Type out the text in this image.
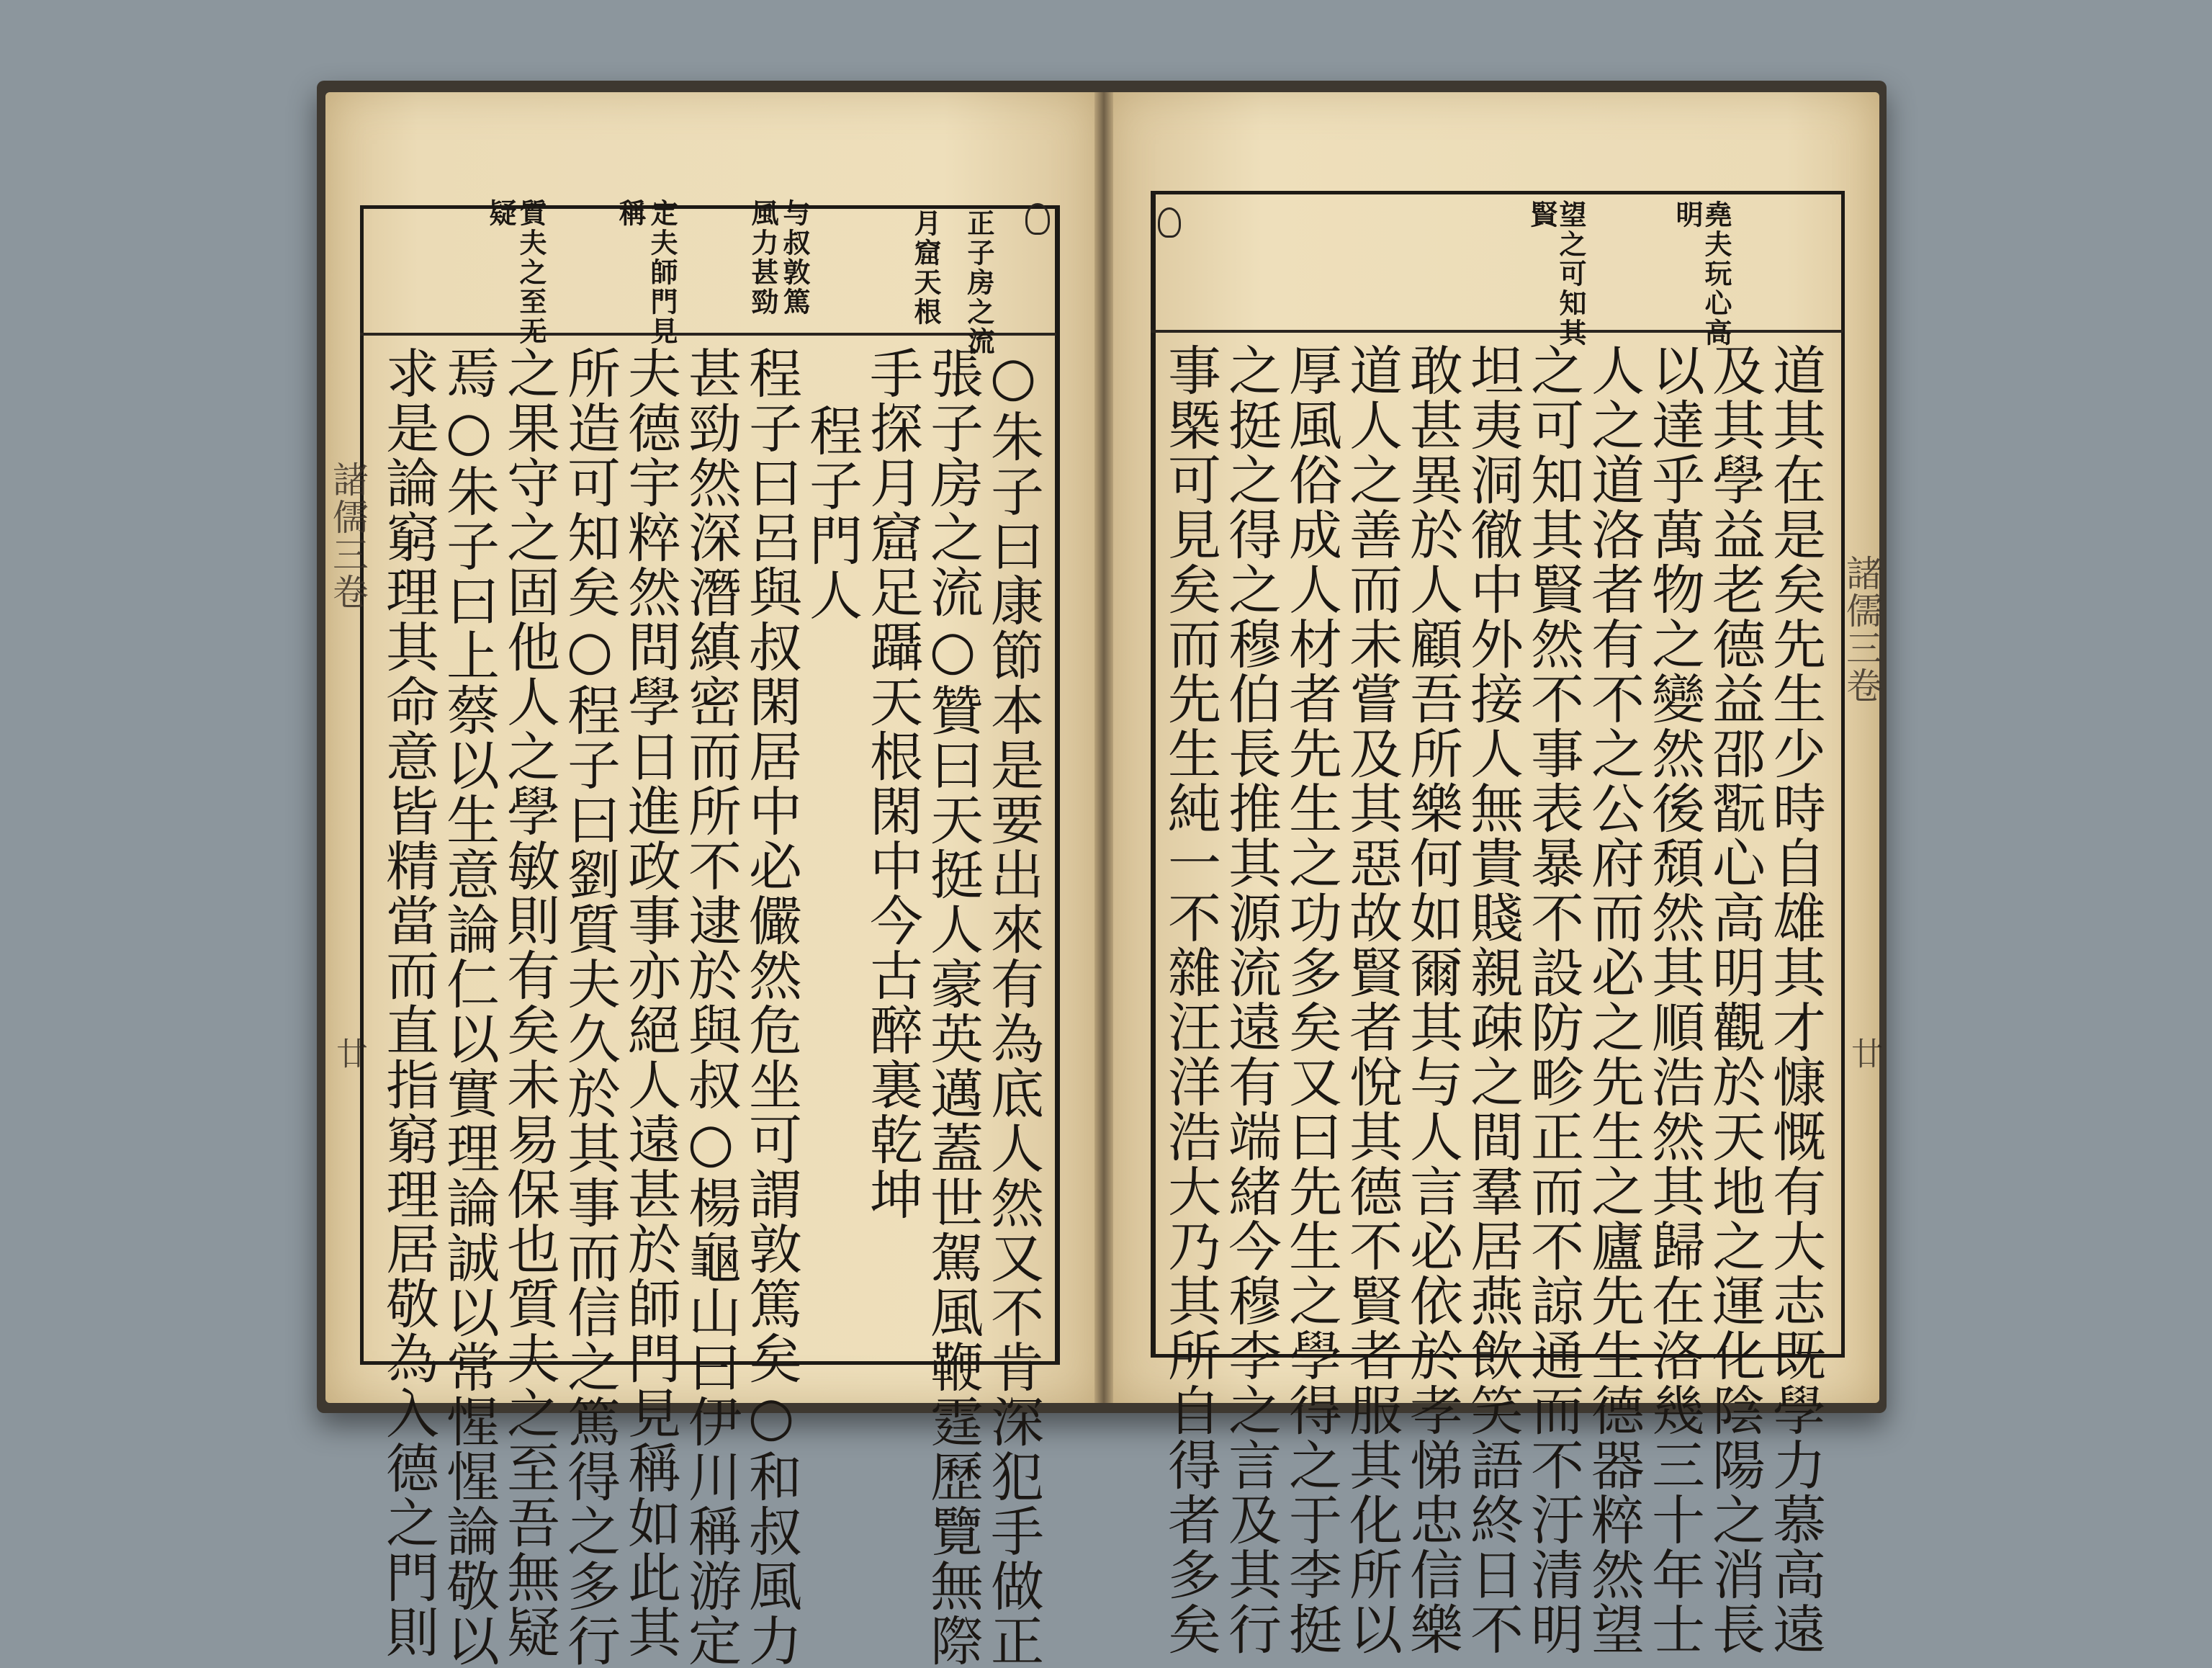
諸儒三卷
廿
正子房之流
月窟天根
与叔敦篤
風力甚勁
定夫師門見
稱
質夫之至无
疑
○朱子曰康節本是要出來有為底人然又不肯深犯手做正
張子房之流○贊曰天挺人豪英邁蓋世駕風鞭霆歷覽無際
手探月窟足躡天根閑中今古醉裏乾坤
程子門人
程子曰呂與叔閑居中必儼然危坐可謂敦篤矣○和叔風力
甚勁然深潛縝密而所不逮於與叔○楊龜山曰伊川稱游定
夫德宇粹然問學日進政事亦絕人遠甚於師門見稱如此其
所造可知矣○程子曰劉質夫久於其事而信之篤得之多行
之果守之固他人之學敏則有矣未易保也質夫之至吾無疑
焉○朱子曰上蔡以生意論仁以實理論誠以常惺惺論敬以
求是論窮理其命意皆精當而直指窮理居敬為入德之門則	諸儒三卷
廿
堯夫玩心高
明
望之可知其
賢
道其在是矣先生少時自雄其才慷慨有大志既學力慕高遠
及其學益老德益邵翫心高明觀於天地之運化陰陽之消長
以達乎萬物之變然後頹然其順浩然其歸在洛幾三十年士
人之道洛者有不之公府而必之先生之廬先生德器粹然望
之可知其賢然不事表暴不設防畛正而不諒通而不汙清明
坦夷洞徹中外接人無貴賤親疎之間羣居燕飲笑語終日不
敢甚異於人顧吾所樂何如爾其与人言必依於孝悌忠信樂
道人之善而未嘗及其惡故賢者悅其德不賢者服其化所以
厚風俗成人材者先生之功多矣又曰先生之學得之于李挺
之挺之得之穆伯長推其源流遠有端緒今穆李之言及其行
事槩可見矣而先生純一不雜汪洋浩大乃其所自得者多矣
